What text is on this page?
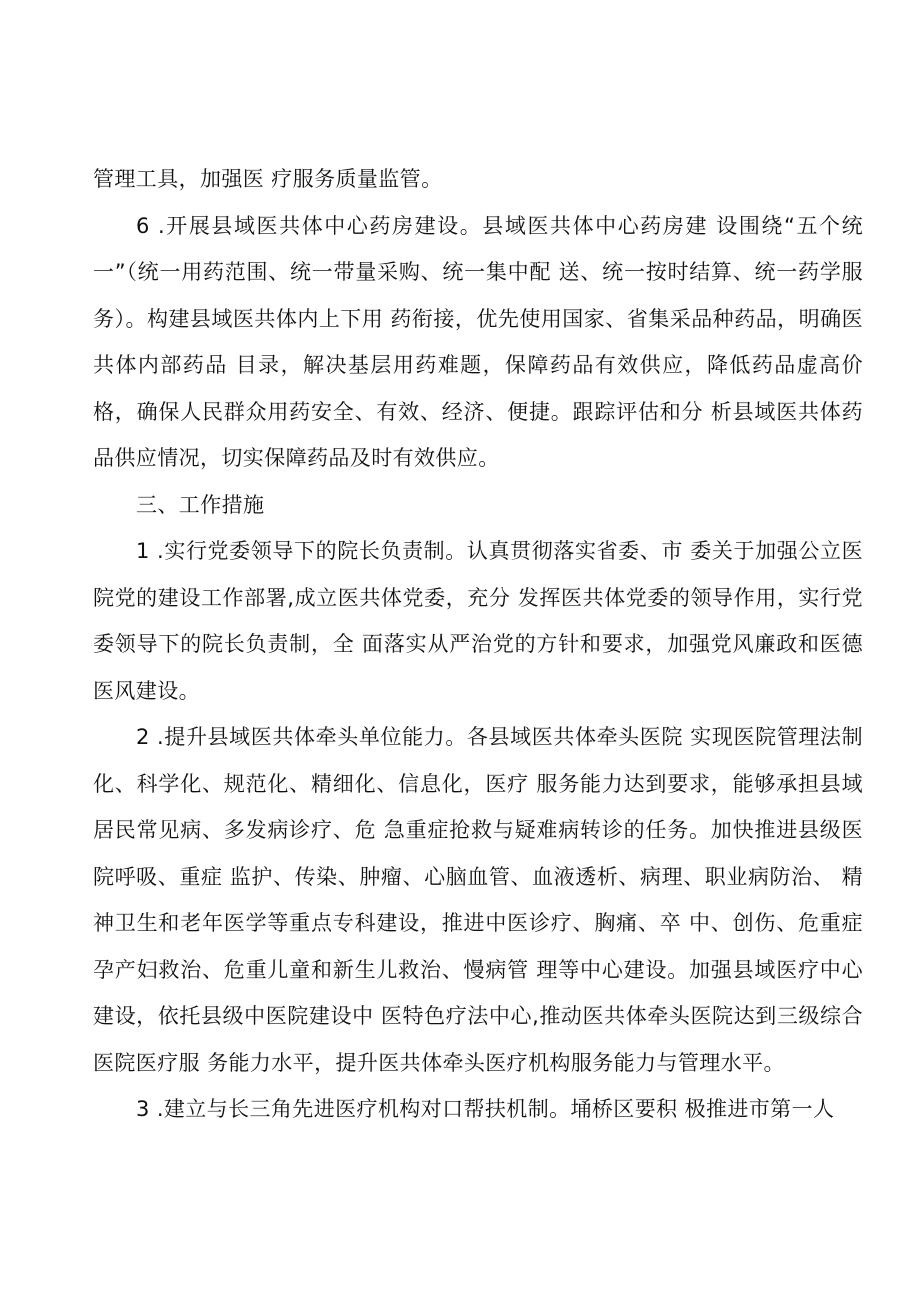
管理工具，加强医 疗服务质量监管。

6 .开展县域医共体中心药房建设。县域医共体中心药房建 设围绕“五个统一”（统一用药范围、统一带量采购、统一集中配 送、统一按时结算、统一药学服务）。构建县域医共体内上下用 药衔接，优先使用国家、省集采品种药品，明确医共体内部药品 目录，解决基层用药难题，保障药品有效供应，降低药品虚高价 格，确保人民群众用药安全、有效、经济、便捷。跟踪评估和分 析县域医共体药品供应情况，切实保障药品及时有效供应。

三、工作措施

1 .实行党委领导下的院长负责制。认真贯彻落实省委、市 委关于加强公立医院党的建设工作部署,成立医共体党委，充分 发挥医共体党委的领导作用，实行党委领导下的院长负责制，全 面落实从严治党的方针和要求，加强党风廉政和医德医风建设。

2 .提升县域医共体牵头单位能力。各县域医共体牵头医院 实现医院管理法制化、科学化、规范化、精细化、信息化，医疗 服务能力达到要求，能够承担县域居民常见病、多发病诊疗、危 急重症抢救与疑难病转诊的任务。加快推进县级医院呼吸、重症 监护、传染、肿瘤、心脑血管、血液透析、病理、职业病防治、 精神卫生和老年医学等重点专科建设，推进中医诊疗、胸痛、卒 中、创伤、危重症孕产妇救治、危重儿童和新生儿救治、慢病管 理等中心建设。加强县域医疗中心建设，依托县级中医院建设中 医特色疗法中心,推动医共体牵头医院达到三级综合医院医疗服 务能力水平，提升医共体牵头医疗机构服务能力与管理水平。

3 .建立与长三角先进医疗机构对口帮扶机制。埇桥区要积 极推进市第一人
